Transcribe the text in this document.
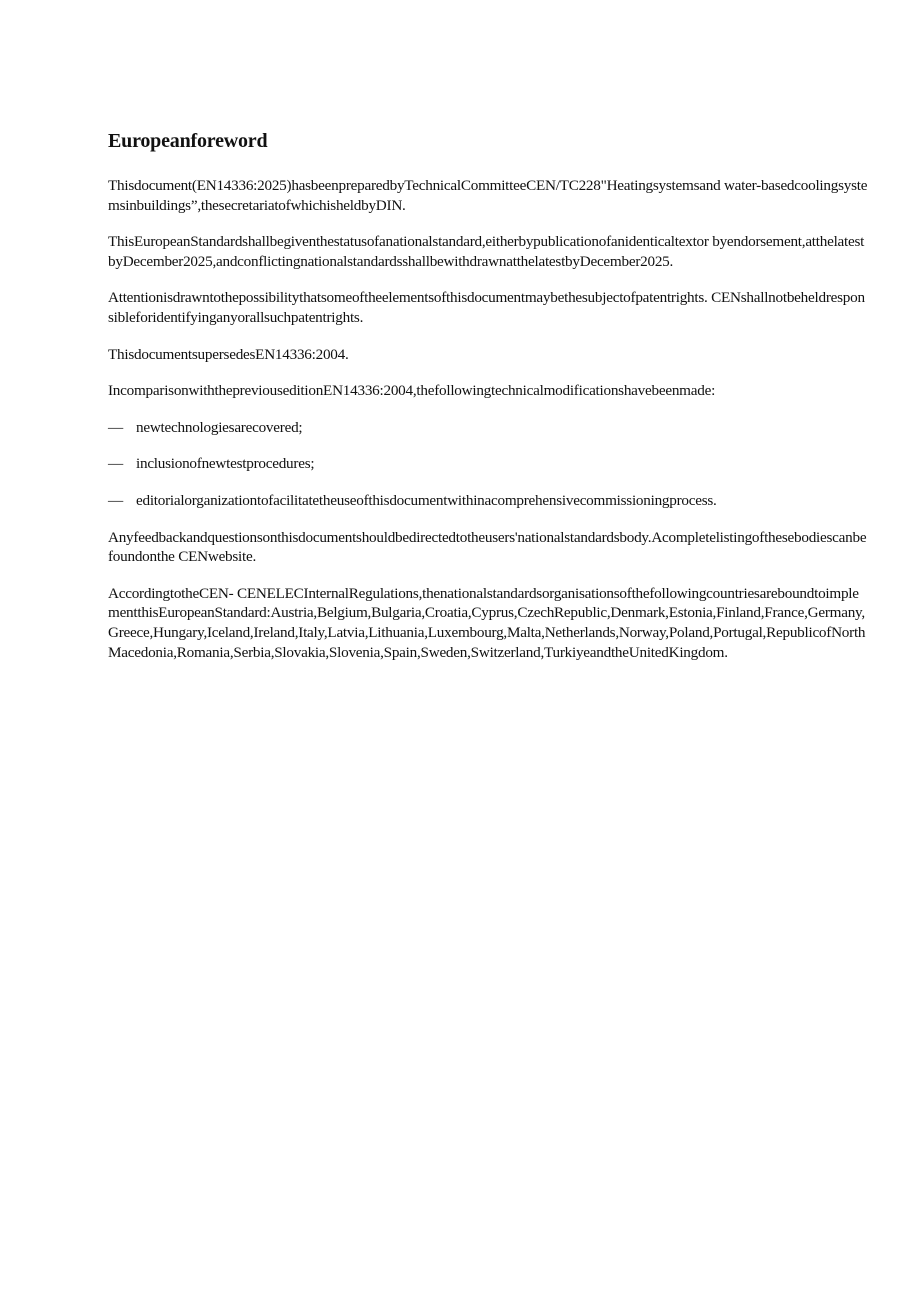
Europeanforeword
Thisdocument(EN14336:2025)hasbeenpreparedbyTechnicalCommitteeCEN/TC228"Heatingsystemsand water-basedcoolingsystemsinbuildings”,thesecretariatofwhichisheldbyDIN.
ThisEuropeanStandardshallbegiventhestatusofanationalstandard,eitherbypublicationofanidenticaltextor byendorsement,atthelatestbyDecember2025,andconflictingnationalstandardsshallbewithdrawnatthelatestbyDecember2025.
Attentionisdrawntothepossibilitythatsomeoftheelementsofthisdocumentmaybethesubjectofpatentrights. CENshallnotbeheldresponsibleforidentifyinganyorallsuchpatentrights.
ThisdocumentsupersedesEN14336:2004.
IncomparisonwiththepreviouseditionEN14336:2004,thefollowingtechnicalmodificationshavebeenmade:
— newtechnologiesarecovered;
— inclusionofnewtestprocedures;
— editorialorganizationtofacilitatetheuseofthisdocumentwithinacomprehensivecommissioningprocess.
Anyfeedbackandquestionsonthisdocumentshouldbedirectedtotheusers'nationalstandardsbody.Acompletelistingofthesebodiescanbefoundonthe CENwebsite.
AccordingtotheCEN- CENELECInternalRegulations,thenationalstandardsorganisationsofthefollowingcountriesareboundtoimplementthisEuropeanStandard:Austria,Belgium,Bulgaria,Croatia,Cyprus,CzechRepublic,Denmark,Estonia,Finland,France,Germany,Greece,Hungary,Iceland,Ireland,Italy,Latvia,Lithuania,Luxembourg,Malta,Netherlands,Norway,Poland,Portugal,RepublicofNorthMacedonia,Romania,Serbia,Slovakia,Slovenia,Spain,Sweden,Switzerland,TurkiyeandtheUnitedKingdom.
